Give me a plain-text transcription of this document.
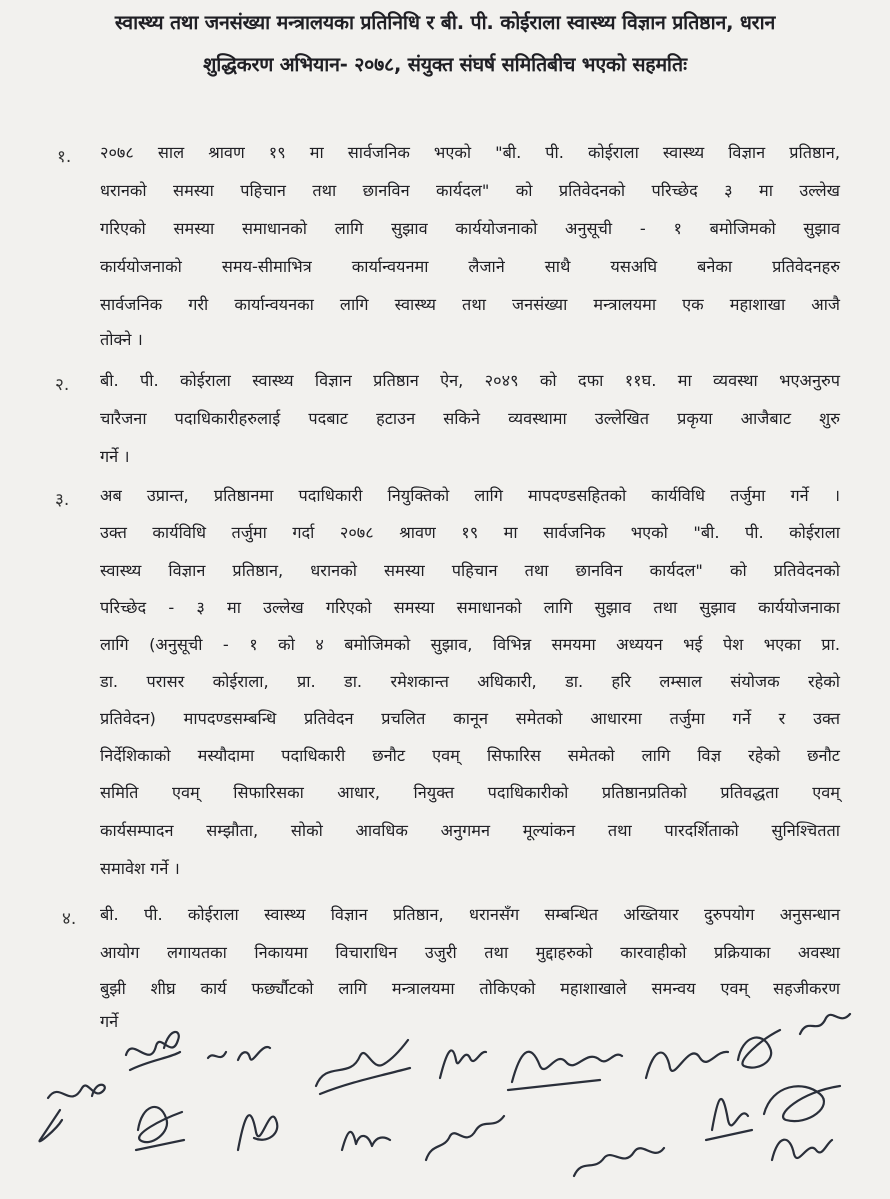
स्वास्थ्य तथा जनसंख्या मन्त्रालयका प्रतिनिधि र बी. पी. कोईराला स्वास्थ्य विज्ञान प्रतिष्ठान, धरान
शुद्धिकरण अभियान- २०७८, संयुक्त संघर्ष समितिबीच भएको सहमतिः
१. २०७८ साल श्रावण १९ मा सार्वजनिक भएको "बी. पी. कोईराला स्वास्थ्य विज्ञान प्रतिष्ठान,
धरानको समस्या पहिचान तथा छानविन कार्यदल" को प्रतिवेदनको परिच्छेद ३ मा उल्लेख
गरिएको समस्या समाधानको लागि सुझाव कार्ययोजनाको अनुसूची - १ बमोजिमको सुझाव
कार्ययोजनाको समय-सीमाभित्र कार्यान्वयनमा लैजाने साथै यसअघि बनेका प्रतिवेदनहरु
सार्वजनिक गरी कार्यान्वयनका लागि स्वास्थ्य तथा जनसंख्या मन्त्रालयमा एक महाशाखा आजै
तोक्ने ।
२. बी. पी. कोईराला स्वास्थ्य विज्ञान प्रतिष्ठान ऐन, २०४९ को दफा ११घ. मा व्यवस्था भएअनुरुप
चारैजना पदाधिकारीहरुलाई पदबाट हटाउन सकिने व्यवस्थामा उल्लेखित प्रकृया आजैबाट शुरु
गर्ने ।
३. अब उप्रान्त, प्रतिष्ठानमा पदाधिकारी नियुक्तिको लागि मापदण्डसहितको कार्यविधि तर्जुमा गर्ने ।
उक्त कार्यविधि तर्जुमा गर्दा २०७८ श्रावण १९ मा सार्वजनिक भएको "बी. पी. कोईराला
स्वास्थ्य विज्ञान प्रतिष्ठान, धरानको समस्या पहिचान तथा छानविन कार्यदल" को प्रतिवेदनको
परिच्छेद - ३ मा उल्लेख गरिएको समस्या समाधानको लागि सुझाव तथा सुझाव कार्ययोजनाका
लागि (अनुसूची - १ को ४ बमोजिमको सुझाव, विभिन्न समयमा अध्ययन भई पेश भएका प्रा.
डा. परासर कोईराला, प्रा. डा. रमेशकान्त अधिकारी, डा. हरि लम्साल संयोजक रहेको
प्रतिवेदन) मापदण्डसम्बन्धि प्रतिवेदन प्रचलित कानून समेतको आधारमा तर्जुमा गर्ने र उक्त
निर्देशिकाको मस्यौदामा पदाधिकारी छनौट एवम् सिफारिस समेतको लागि विज्ञ रहेको छनौट
समिति एवम् सिफारिसका आधार, नियुक्त पदाधिकारीको प्रतिष्ठानप्रतिको प्रतिवद्धता एवम्
कार्यसम्पादन सम्झौता, सोको आवधिक अनुगमन मूल्यांकन तथा पारदर्शिताको सुनिश्चितता
समावेश गर्ने ।
४. बी. पी. कोईराला स्वास्थ्य विज्ञान प्रतिष्ठान, धरानसँग सम्बन्धित अख्तियार दुरुपयोग अनुसन्धान
आयोग लगायतका निकायमा विचाराधिन उजुरी तथा मुद्दाहरुको कारवाहीको प्रक्रियाका अवस्था
बुझी शीघ्र कार्य फर्छ्यौटको लागि मन्त्रालयमा तोकिएको महाशाखाले समन्वय एवम् सहजीकरण
गर्ने
